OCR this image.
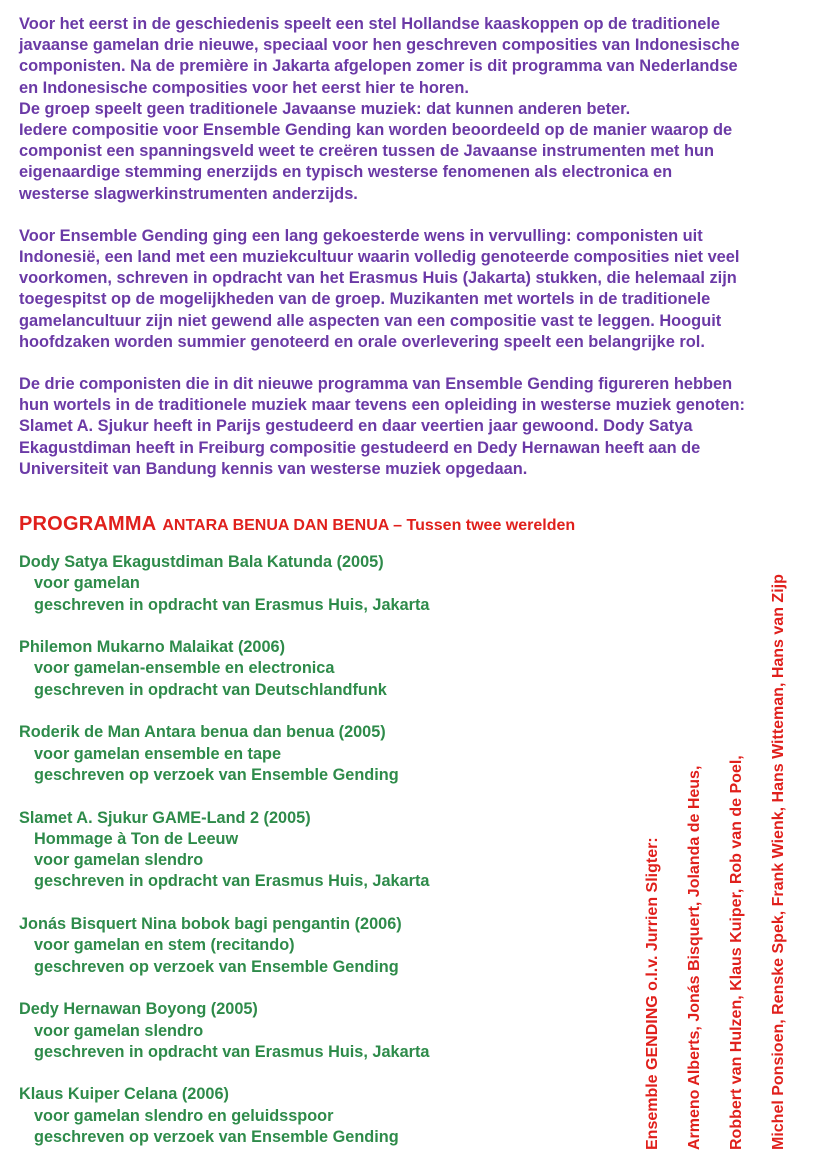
Voor het eerst in de geschiedenis speelt een stel Hollandse kaaskoppen op de traditionele
javaanse gamelan drie nieuwe, speciaal voor hen geschreven composities van Indonesische
componisten. Na de première in Jakarta afgelopen zomer is dit programma van Nederlandse
en Indonesische composities voor het eerst hier te horen.
De groep speelt geen traditionele Javaanse muziek: dat kunnen anderen beter.
Iedere compositie voor Ensemble Gending kan worden beoordeeld op de manier waarop de
componist een spanningsveld weet te creëren tussen de Javaanse instrumenten met hun
eigenaardige stemming enerzijds en typisch westerse fenomenen als electronica en
westerse slagwerkinstrumenten anderzijds.

Voor Ensemble Gending ging een lang gekoesterde wens in vervulling: componisten uit
Indonesië, een land met een muziekcultuur waarin volledig genoteerde composities niet veel
voorkomen, schreven in opdracht van het Erasmus Huis (Jakarta) stukken, die helemaal zijn
toegespitst op de mogelijkheden van de groep. Muzikanten met wortels in de traditionele
gamelancultuur zijn niet gewend alle aspecten van een compositie vast te leggen. Hooguit
hoofdzaken worden summier genoteerd en orale overlevering speelt een belangrijke rol.

De drie componisten die in dit nieuwe programma van Ensemble Gending figureren hebben
hun wortels in de traditionele muziek maar tevens een opleiding in westerse muziek genoten:
Slamet A. Sjukur heeft in Parijs gestudeerd en daar veertien jaar gewoond. Dody Satya
Ekagustdiman heeft in Freiburg compositie gestudeerd en Dedy Hernawan heeft aan de
Universiteit van Bandung kennis van westerse muziek opgedaan.

PROGRAMMA ANTARA BENUA DAN BENUA – Tussen twee werelden
Dody Satya Ekagustdiman Bala Katunda (2005)
voor gamelan
geschreven in opdracht van Erasmus Huis, Jakarta
Philemon Mukarno Malaikat (2006)
voor gamelan-ensemble en electronica
geschreven in opdracht van Deutschlandfunk
Roderik de Man Antara benua dan benua (2005)
voor gamelan ensemble en tape
geschreven op verzoek van Ensemble Gending
Slamet A. Sjukur GAME-Land 2 (2005)
Hommage à Ton de Leeuw
voor gamelan slendro
geschreven in opdracht van Erasmus Huis, Jakarta
Jonás Bisquert Nina bobok bagi pengantin (2006)
voor gamelan en stem (recitando)
geschreven op verzoek van Ensemble Gending
Dedy Hernawan Boyong (2005)
voor gamelan slendro
geschreven in opdracht van Erasmus Huis, Jakarta
Klaus Kuiper Celana (2006)
voor gamelan slendro en geluidsspoor
geschreven op verzoek van Ensemble Gending	Ensemble GENDING o.l.v. Jurrien Sligter: Armeno Alberts, Jonás Bisquert, Jolanda de Heus, Robbert van Hulzen, Klaus Kuiper, Rob van de Poel, Michel Ponsioen, Renske Spek, Frank Wienk, Hans Witteman, Hans van Zijp
